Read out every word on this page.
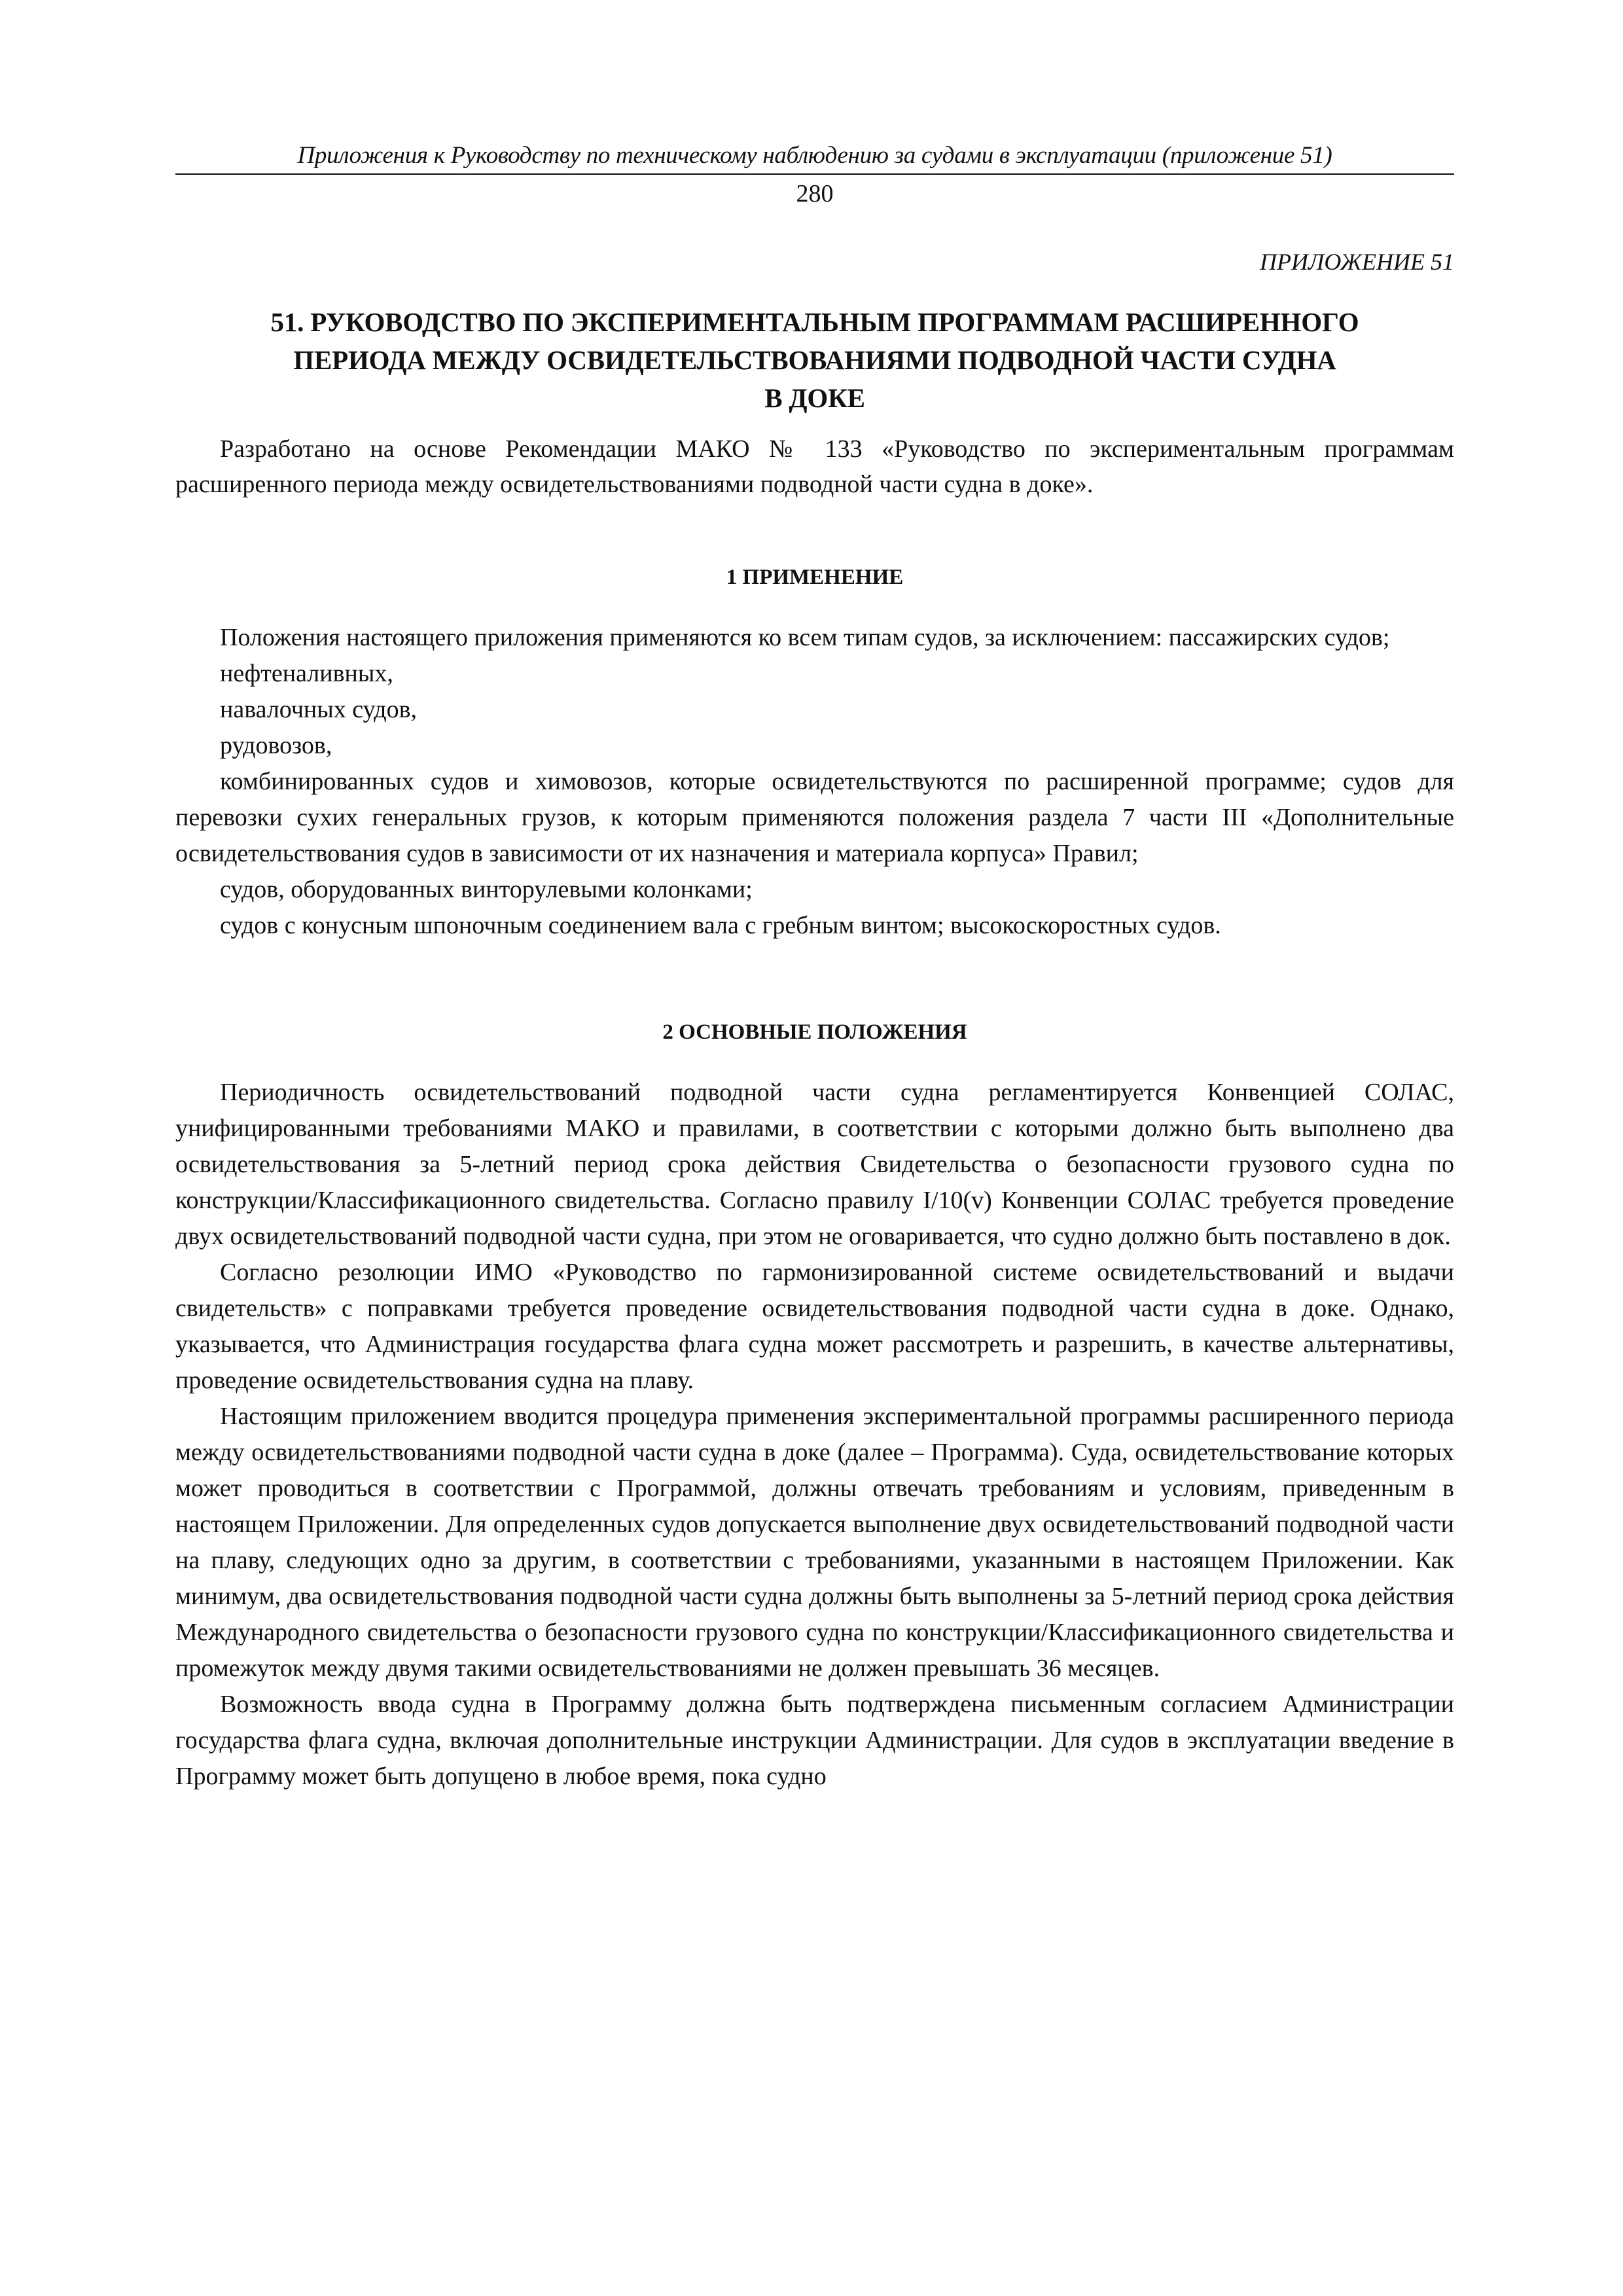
Приложения к Руководству по техническому наблюдению за судами в эксплуатации (приложение 51)
280
ПРИЛОЖЕНИЕ 51
51. РУКОВОДСТВО ПО ЭКСПЕРИМЕНТАЛЬНЫМ ПРОГРАММАМ РАСШИРЕННОГО
ПЕРИОДА МЕЖДУ ОСВИДЕТЕЛЬСТВОВАНИЯМИ ПОДВОДНОЙ ЧАСТИ СУДНА
В ДОКЕ

Разработано на основе Рекомендации МАКО № 133 «Руководство по экспериментальным программам расширенного периода между освидетельствованиями подводной части судна в доке».

1 ПРИМЕНЕНИЕ

Положения настоящего приложения применяются ко всем типам судов, за исключением: пассажирских судов;

нефтеналивных,

навалочных судов,

рудовозов,

комбинированных судов и химовозов, которые освидетельствуются по расширенной программе; судов для перевозки сухих генеральных грузов, к которым применяются положения раздела 7 части III «Дополнительные освидетельствования судов в зависимости от их назначения и материала корпуса» Правил;

судов, оборудованных винторулевыми колонками;

судов с конусным шпоночным соединением вала с гребным винтом; высокоскоростных судов.

2 ОСНОВНЫЕ ПОЛОЖЕНИЯ

Периодичность освидетельствований подводной части судна регламентируется Конвенцией СОЛАС, унифицированными требованиями МАКО и правилами, в соответствии с которыми должно быть выполнено два освидетельствования за 5-летний период срока действия Свидетельства о безопасности грузового судна по конструкции/Классификационного свидетельства. Согласно правилу I/10(v) Конвенции СОЛАС требуется проведение двух освидетельствований подводной части судна, при этом не оговаривается, что судно должно быть поставлено в док.

Согласно резолюции ИМО «Руководство по гармонизированной системе освидетельствований и выдачи свидетельств» с поправками требуется проведение освидетельствования подводной части судна в доке. Однако, указывается, что Администрация государства флага судна может рассмотреть и разрешить, в качестве альтернативы, проведение освидетельствования судна на плаву.

Настоящим приложением вводится процедура применения экспериментальной программы расширенного периода между освидетельствованиями подводной части судна в доке (далее – Программа). Суда, освидетельствование которых может проводиться в соответствии с Программой, должны отвечать требованиям и условиям, приведенным в настоящем Приложении. Для определенных судов допускается выполнение двух освидетельствований подводной части на плаву, следующих одно за другим, в соответствии с требованиями, указанными в настоящем Приложении. Как минимум, два освидетельствования подводной части судна должны быть выполнены за 5-летний период срока действия Международного свидетельства о безопасности грузового судна по конструкции/Классификационного свидетельства и промежуток между двумя такими освидетельствованиями не должен превышать 36 месяцев.

Возможность ввода судна в Программу должна быть подтверждена письменным согласием Администрации государства флага судна, включая дополнительные инструкции Администрации. Для судов в эксплуатации введение в Программу может быть допущено в любое время, пока судно
